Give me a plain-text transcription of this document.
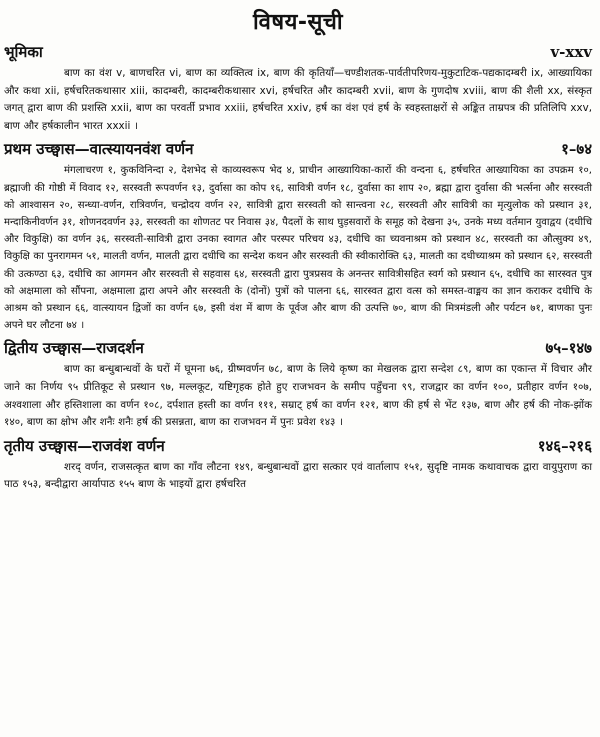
विषय-सूची
भूमिका	v-xxv

बाण का वंश v, बाणचरित vi, बाण का व्यक्तित्व ix, बाण की कृतियाँ—चण्डीशतक-पार्वतीपरिणय-मुकुटाटिक-पद्यकादम्बरी ix, आख्यायिका और कथा xii, हर्षचरितकथासार xiii, कादम्बरी, कादम्बरीकथासार xvi, हर्षचरित और कादम्बरी xvii, बाण के गुणदोष xviii, बाण की शैली xx, संस्कृत जगत् द्वारा बाण की प्रशस्ति xxii, बाण का परवर्ती प्रभाव xxiii, हर्षचरित xxiv, हर्ष का वंश एवं हर्ष के स्वहस्ताक्षरों से अङ्कित ताम्रपत्र की प्रतिलिपि xxv, बाण और हर्षकालीन भारत xxxii ।

प्रथम उच्छ्वास—वात्स्यायनवंश वर्णन	१–७४

मंगलाचरण १, कुकविनिन्दा २, देशभेद से काव्यस्वरूप भेद ४, प्राचीन आख्यायिका-कारों की वन्दना ६, हर्षचरित आख्यायिका का उपक्रम १०, ब्रह्माजी की गोष्ठी में विवाद १२, सरस्वती रूपवर्णन १३, दुर्वासा का कोप १६, सावित्री वर्णन १८, दुर्वासा का शाप २०, ब्रह्मा द्वारा दुर्वासा की भर्त्सना और सरस्वती को आश्वासन २०, सन्ध्या-वर्णन, रात्रिवर्णन, चन्द्रोदय वर्णन २२, सावित्री द्वारा सरस्वती को सान्त्वना २८, सरस्वती और सावित्री का मृत्युलोक को प्रस्थान ३१, मन्दाकिनीवर्णन ३१, शोणनदवर्णन ३३, सरस्वती का शोणतट पर निवास ३४, पैदलों के साथ घुड़सवारों के समूह को देखना ३५, उनके मध्य वर्तमान युवाद्वय (दधीचि और विकुक्षि) का वर्णन ३६, सरस्वती-सावित्री द्वारा उनका स्वागत और परस्पर परिचय ४३, दधीचि का च्यवनाश्रम को प्रस्थान ४८, सरस्वती का औत्सुक्य ४९, विकुक्षि का पुनरागमन ५१, मालती वर्णन, मालती द्वारा दधीचि का सन्देश कथन और सरस्वती की स्वीकारोक्ति ६३, मालती का दधीच्याश्रम को प्रस्थान ६२, सरस्वती की उत्कण्ठा ६३, दधीचि का आगमन और सरस्वती से सहवास ६४, सरस्वती द्वारा पुत्रप्रसव के अनन्तर सावित्रीसहित स्वर्ग को प्रस्थान ६५, दधीचि का सारस्वत पुत्र को अक्षमाला को सौंपना, अक्षमाला द्वारा अपने और सरस्वती के (दोनों) पुत्रों को पालना ६६, सारस्वत द्वारा वत्स को समस्त-वाङ्मय का ज्ञान कराकर दधीचि के आश्रम को प्रस्थान ६६, वात्स्यायन द्विजों का वर्णन ६७, इसी वंश में बाण के पूर्वज और बाण की उत्पत्ति ७०, बाण की मित्रमंडली और पर्यटन ७१, बाणका पुनः अपने घर लौटना ७४ ।

द्वितीय उच्छ्वास—राजदर्शन	७५–१४७

बाण का बन्धुबान्धवों के घरों में घूमना ७६, ग्रीष्मवर्णन ७८, बाण के लिये कृष्ण का मेखलक द्वारा सन्देश ८९, बाण का एकान्त में विचार और जाने का निर्णय ९५ प्रीतिकूट से प्रस्थान ९७, मल्लकूट, यष्टिगृहक होते हुए राजभवन के समीप पहुँचना ९९, राजद्वार का वर्णन १००, प्रतीहार वर्णन १०७, अश्वशाला और हस्तिशाला का वर्णन १०८, दर्पशात हस्ती का वर्णन १११, सम्राट् हर्ष का वर्णन १२१, बाण की हर्ष से भेंट १३७, बाण और हर्ष की नोक-झोंक १४०, बाण का क्षोभ और शनैः शनैः हर्ष की प्रसन्नता, बाण का राजभवन में पुनः प्रवेश १४३ ।

तृतीय उच्छ्वास—राजवंश वर्णन	१४६–२१६

शरद् वर्णन, राजसत्कृत बाण का गाँव लौटना १४९, बन्धुबान्धवों द्वारा सत्कार एवं वार्तालाप १५१, सुदृष्टि नामक कथावाचक द्वारा वायुपुराण का पाठ १५३, बन्दीद्वारा आर्यापाठ १५५ बाण के भाइयों द्वारा हर्षचरित
